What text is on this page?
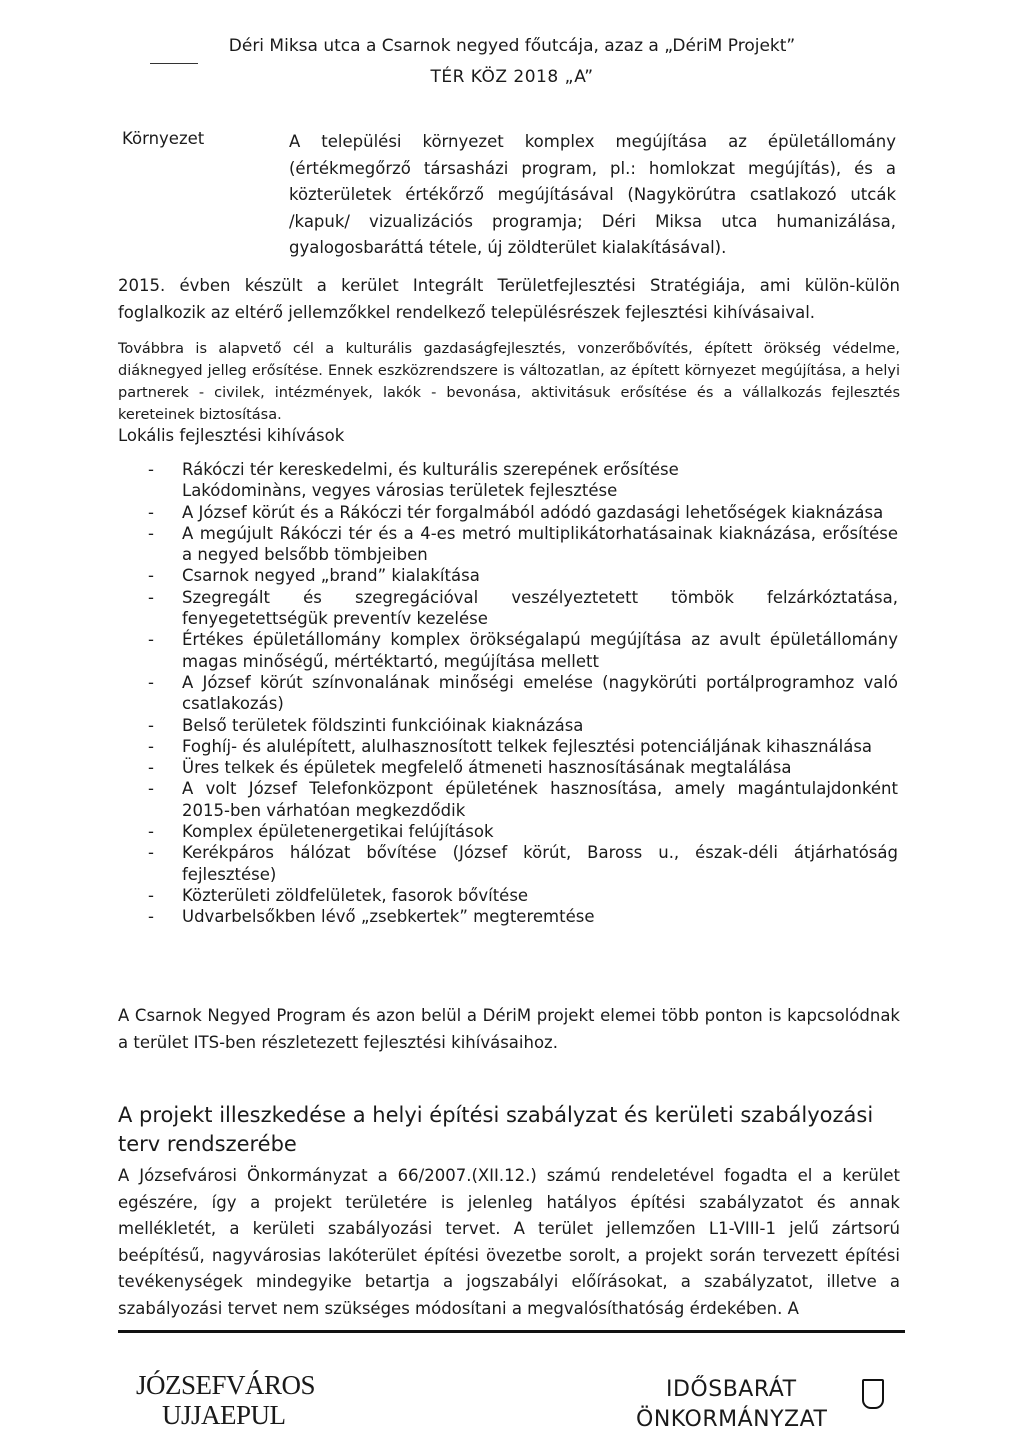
Déri Miksa utca a Csarnok negyed főutcája, azaz a „DériM Projekt”
TÉR KÖZ 2018 „A”
Környezet	A települési környezet komplex megújítása az épületállomány (értékmegőrző társasházi program, pl.: homlokzat megújítás), és a közterületek értékőrző megújításával (Nagykörútra csatlakozó utcák /kapuk/ vizualizációs programja; Déri Miksa utca humanizálása, gyalogosbaráttá tétele, új zöldterület kialakításával).
2015. évben készült a kerület Integrált Területfejlesztési Stratégiája, ami külön-külön foglalkozik az eltérő jellemzőkkel rendelkező településrészek fejlesztési kihívásaival.
Továbbra is alapvető cél a kulturális gazdaságfejlesztés, vonzerőbővítés, épített örökség védelme, diáknegyed jelleg erősítése. Ennek eszközrendszere is változatlan, az épített környezet megújítása, a helyi partnerek - civilek, intézmények, lakók - bevonása, aktivitásuk erősítése és a vállalkozás fejlesztés kereteinek biztosítása.
Lokális fejlesztési kihívások
- Rákóczi tér kereskedelmi, és kulturális szerepének erősítése
Lakódominàns, vegyes városias területek fejlesztése
- A József körút és a Rákóczi tér forgalmából adódó gazdasági lehetőségek kiaknázása
- A megújult Rákóczi tér és a 4-es metró multiplikátorhatásainak kiaknázása, erősítése a negyed belsőbb tömbjeiben
- Csarnok negyed „brand” kialakítása
- Szegregált és szegregációval veszélyeztetett tömbök felzárkóztatása, fenyegetettségük preventív kezelése
- Értékes épületállomány komplex örökségalapú megújítása az avult épületállomány magas minőségű, mértéktartó, megújítása mellett
- A József körút színvonalának minőségi emelése (nagykörúti portálprogramhoz való csatlakozás)
- Belső területek földszinti funkcióinak kiaknázása
- Foghíj- és alulépített, alulhasznosított telkek fejlesztési potenciáljának kihasználása
- Üres telkek és épületek megfelelő átmeneti hasznosításának megtalálása
- A volt József Telefonközpont épületének hasznosítása, amely magántulajdonként 2015-ben várhatóan megkezdődik
- Komplex épületenergetikai felújítások
- Kerékpáros hálózat bővítése (József körút, Baross u., észak-déli átjárhatóság fejlesztése)
- Közterületi zöldfelületek, fasorok bővítése
- Udvarbelsőkben lévő „zsebkertek” megteremtése
A Csarnok Negyed Program és azon belül a DériM projekt elemei több ponton is kapcsolódnak a terület ITS-ben részletezett fejlesztési kihívásaihoz.
A projekt illeszkedése a helyi építési szabályzat és kerületi szabályozási terv rendszerébe
A Józsefvárosi Önkormányzat a 66/2007.(XII.12.) számú rendeletével fogadta el a kerület egészére, így a projekt területére is jelenleg hatályos építési szabályzatot és annak mellékletét, a kerületi szabályozási tervet. A terület jellemzően L1-VIII-1 jelű zártsorú beépítésű, nagyvárosias lakóterület építési övezetbe sorolt, a projekt során tervezett építési tevékenységek mindegyike betartja a jogszabályi előírásokat, a szabályzatot, illetve a szabályozási tervet nem szükséges módosítani a megvalósíthatóság érdekében. A
JÓZSEFVÁROS
UJJAEPUL
IDŐSBARÁT
ÖNKORMÁNYZAT
